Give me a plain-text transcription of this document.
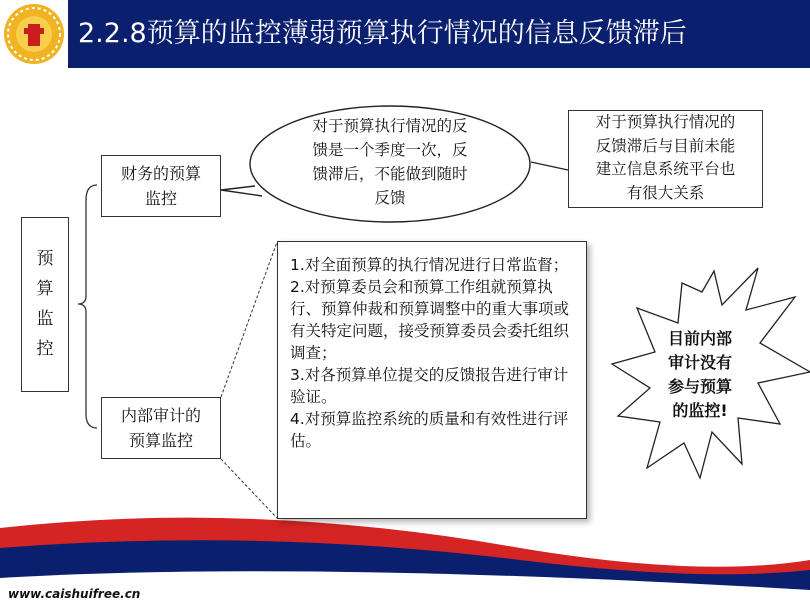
2.2.8预算的监控薄弱预算执行情况的信息反馈滞后
预
算
监
控
财务的预算
监控
内部审计的
预算监控
对于预算执行情况的反
馈是一个季度一次，反
馈滞后，不能做到随时
反馈
对于预算执行情况的
反馈滞后与目前未能
建立信息系统平台也
有很大关系
1.对全面预算的执行情况进行日常监督；
2.对预算委员会和预算工作组就预算执行、预算仲裁和预算调整中的重大事项或有关特定问题，接受预算委员会委托组织调查；
3.对各预算单位提交的反馈报告进行审计验证。
4.对预算监控系统的质量和有效性进行评估。
目前内部
审计没有
参与预算
的监控!
www.caishuifree.cn	31
